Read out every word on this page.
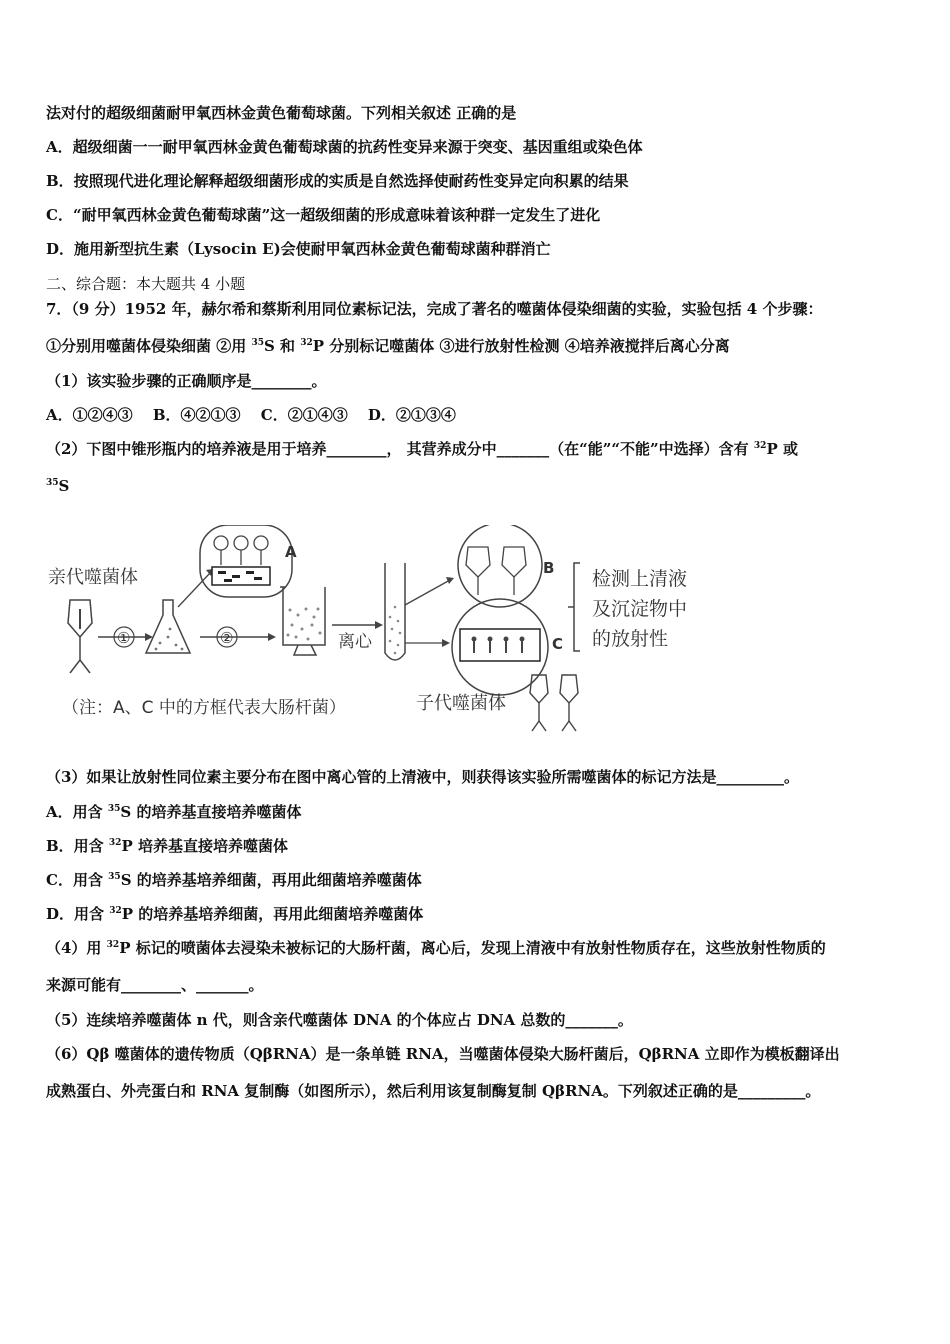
法对付的超级细菌耐甲氧西林金黄色葡萄球菌。下列相关叙述 正确的是
A．超级细菌一一耐甲氧西林金黄色葡萄球菌的抗药性变异来源于突变、基因重组或染色体
B．按照现代进化理论解释超级细菌形成的实质是自然选择使耐药性变异定向积累的结果
C．“耐甲氧西林金黄色葡萄球菌”这一超级细菌的形成意味着该种群一定发生了进化
D．施用新型抗生素（Lysocin E)会使耐甲氧西林金黄色葡萄球菌种群消亡
二、综合题：本大题共 4 小题
7．（9 分）1952 年，赫尔希和蔡斯利用同位素标记法，完成了著名的噬菌体侵染细菌的实验，实验包括 4 个步骤：
①分别用噬菌体侵染细菌 ②用 $^{35}$S 和 $^{32}$P 分别标记噬菌体 ③进行放射性检测 ④培养液搅拌后离心分离
（1）该实验步骤的正确顺序是________。
A．①②④③　 B．④②①③　 C．②①④③　 D．②①③④
（2）下图中锥形瓶内的培养液是用于培养________， 其营养成分中_______（在“能”“不能”中选择）含有 $^{32}$P 或
$^{35}$S
亲代噬菌体
①
A
②	离心
B
C
检测上清液
及沉淀物中
的放射性
（注：A、C 中的方框代表大肠杆菌）	子代噬菌体
（3）如果让放射性同位素主要分布在图中离心管的上清液中，则获得该实验所需噬菌体的标记方法是_________。
A．用含 $^{35}$S 的培养基直接培养噬菌体
B．用含 $^{32}$P 培养基直接培养噬菌体
C．用含 $^{35}$S 的培养基培养细菌，再用此细菌培养噬菌体
D．用含 $^{32}$P 的培养基培养细菌，再用此细菌培养噬菌体
（4）用 $^{32}$P 标记的喷菌体去浸染未被标记的大肠杆菌，离心后，发现上清液中有放射性物质存在，这些放射性物质的
来源可能有________、_______。
（5）连续培养噬菌体 n 代，则含亲代噬菌体 DNA 的个体应占 DNA 总数的_______。
（6）Qβ 噬菌体的遗传物质（QβRNA）是一条单链 RNA，当噬菌体侵染大肠杆菌后，QβRNA 立即作为模板翻译出
成熟蛋白、外壳蛋白和 RNA 复制酶（如图所示），然后利用该复制酶复制 QβRNA。下列叙述正确的是_________。
